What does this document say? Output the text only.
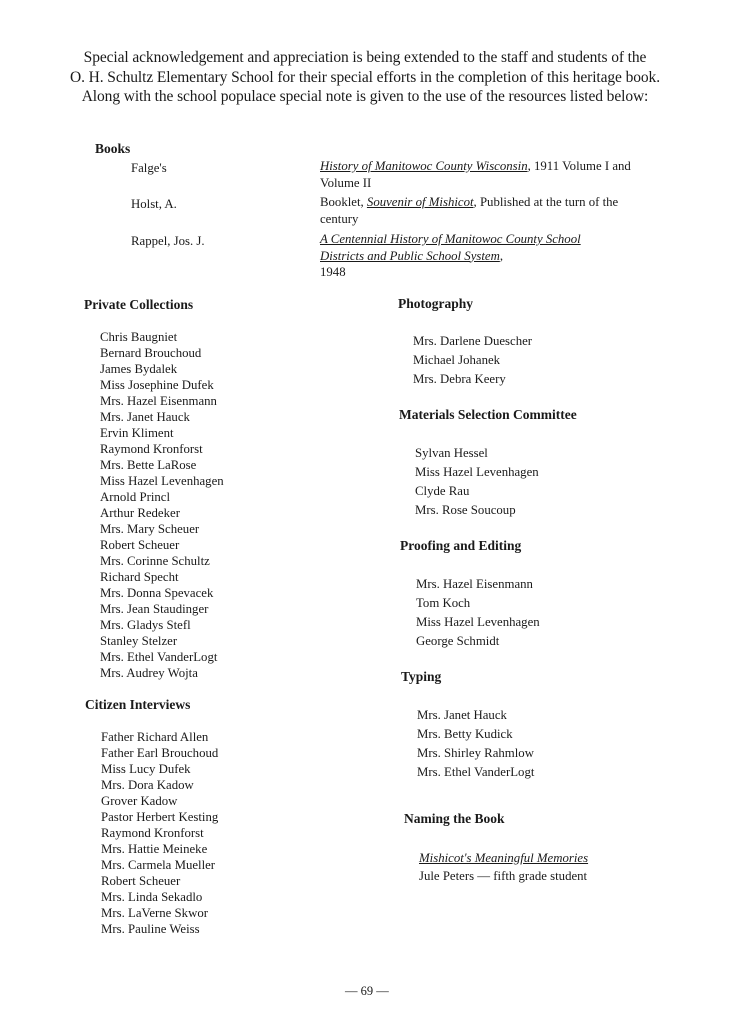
Special acknowledgement and appreciation is being extended to the staff and students of the
O. H. Schultz Elementary School for their special efforts in the completion of this heritage book.
Along with the school populace special note is given to the use of the resources listed below:
Books
Falge's	History of Manitowoc County Wisconsin, 1911 Volume I and Volume II
Holst, A.	Booklet, Souvenir of Mishicot, Published at the turn of the century
Rappel, Jos. J.	A Centennial History of Manitowoc County School Districts and Public School System,
1948
Private Collections
Chris Baugniet
Bernard Brouchoud
James Bydalek
Miss Josephine Dufek
Mrs. Hazel Eisenmann
Mrs. Janet Hauck
Ervin Kliment
Raymond Kronforst
Mrs. Bette LaRose
Miss Hazel Levenhagen
Arnold Princl
Arthur Redeker
Mrs. Mary Scheuer
Robert Scheuer
Mrs. Corinne Schultz
Richard Specht
Mrs. Donna Spevacek
Mrs. Jean Staudinger
Mrs. Gladys Stefl
Stanley Stelzer
Mrs. Ethel VanderLogt
Mrs. Audrey Wojta
Citizen Interviews
Father Richard Allen
Father Earl Brouchoud
Miss Lucy Dufek
Mrs. Dora Kadow
Grover Kadow
Pastor Herbert Kesting
Raymond Kronforst
Mrs. Hattie Meineke
Mrs. Carmela Mueller
Robert Scheuer
Mrs. Linda Sekadlo
Mrs. LaVerne Skwor
Mrs. Pauline Weiss
Photography
Mrs. Darlene Duescher
Michael Johanek
Mrs. Debra Keery
Materials Selection Committee
Sylvan Hessel
Miss Hazel Levenhagen
Clyde Rau
Mrs. Rose Soucoup
Proofing and Editing
Mrs. Hazel Eisenmann
Tom Koch
Miss Hazel Levenhagen
George Schmidt
Typing
Mrs. Janet Hauck
Mrs. Betty Kudick
Mrs. Shirley Rahmlow
Mrs. Ethel VanderLogt
Naming the Book
Mishicot's Meaningful Memories
Jule Peters — fifth grade student
— 69 —
